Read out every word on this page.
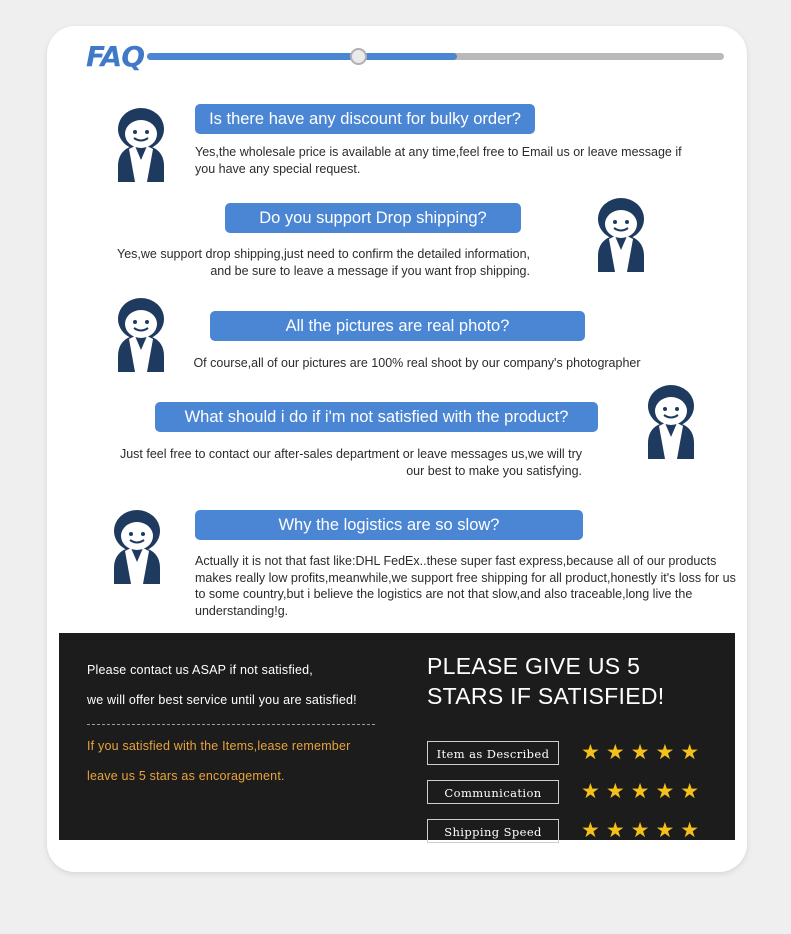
FAQ
Is there have any discount for bulky order?
Yes,the wholesale price is available at any time,feel free to Email us or leave message if you have any special request.
Do you support Drop shipping?
Yes,we support drop shipping,just need to confirm the detailed information, and be sure to leave a message if you want frop shipping.
All the pictures are real photo?
Of course,all of our pictures are 100% real shoot by our company's photographer
What should i do if i'm not satisfied with the product?
Just feel free to contact our after-sales department or leave messages us,we will try our best to make you satisfying.
Why the logistics are so slow?
Actually it is not that fast like:DHL FedEx..these super fast express,because all of our products makes really low profits,meanwhile,we support free shipping for all product,honestly it's loss for us to some country,but i believe the logistics are not that slow,and also traceable,long live the understanding!g.
Please contact us ASAP if not satisfied,
we will offer best service until you are satisfied!
If you satisfied with the Items,lease remember
leave us 5 stars as encoragement.
PLEASE GIVE US 5
STARS IF SATISFIED!
Item as Described	★★★★★
Communication	★★★★★
Shipping Speed	★★★★★
